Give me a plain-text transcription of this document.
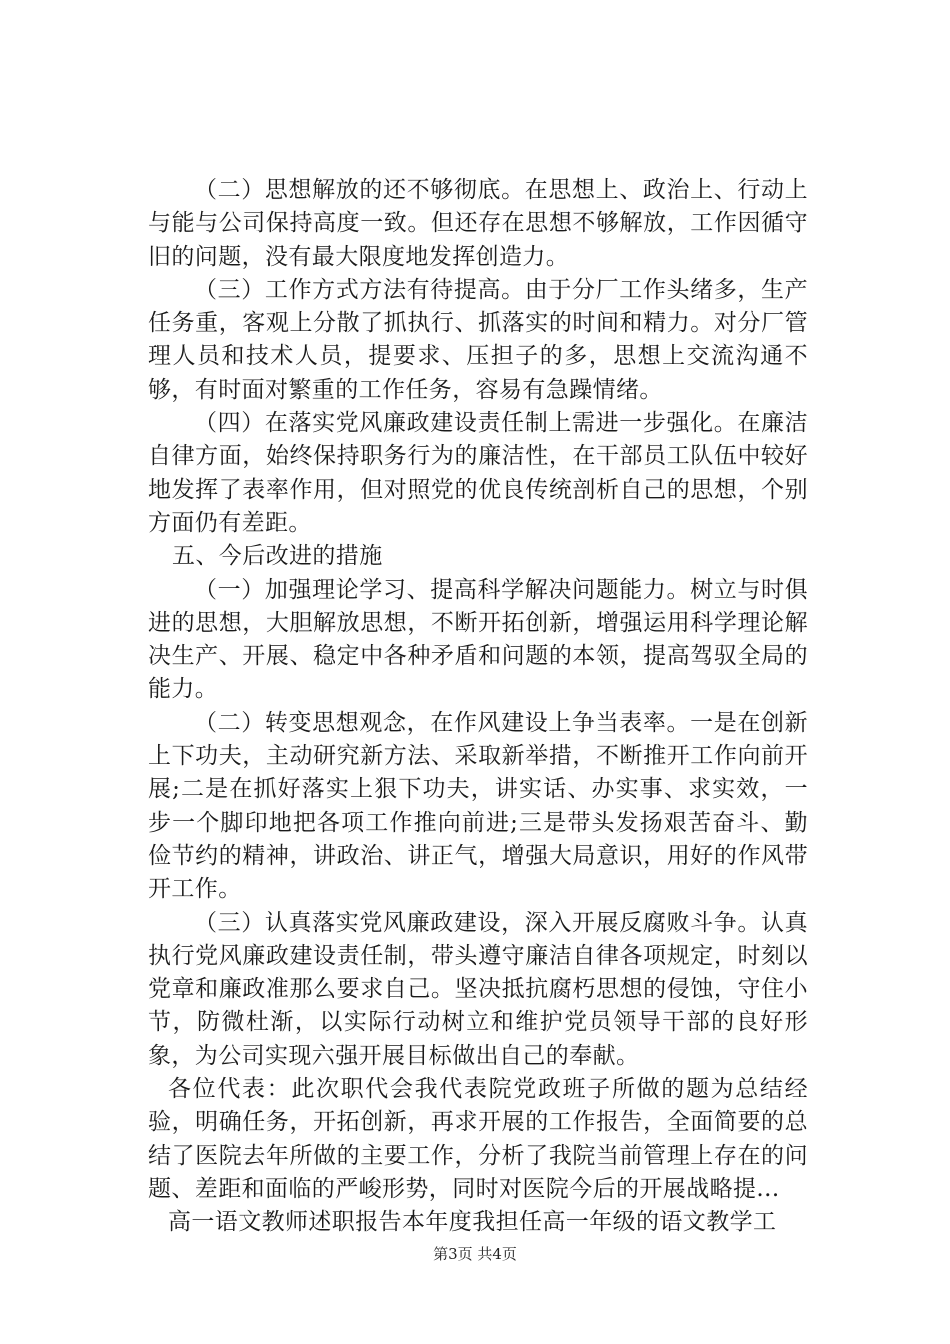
（二）思想解放的还不够彻底。在思想上、政治上、行动上与能与公司保持高度一致。但还存在思想不够解放，工作因循守旧的问题，没有最大限度地发挥创造力。

（三）工作方式方法有待提高。由于分厂工作头绪多，生产任务重，客观上分散了抓执行、抓落实的时间和精力。对分厂管理人员和技术人员，提要求、压担子的多，思想上交流沟通不够，有时面对繁重的工作任务，容易有急躁情绪。

（四）在落实党风廉政建设责任制上需进一步强化。在廉洁自律方面，始终保持职务行为的廉洁性，在干部员工队伍中较好地发挥了表率作用，但对照党的优良传统剖析自己的思想，个别方面仍有差距。

五、今后改进的措施

（一）加强理论学习、提高科学解决问题能力。树立与时俱进的思想，大胆解放思想，不断开拓创新，增强运用科学理论解决生产、开展、稳定中各种矛盾和问题的本领，提高驾驭全局的能力。

（二）转变思想观念，在作风建设上争当表率。一是在创新上下功夫，主动研究新方法、采取新举措，不断推开工作向前开展;二是在抓好落实上狠下功夫，讲实话、办实事、求实效，一步一个脚印地把各项工作推向前进;三是带头发扬艰苦奋斗、勤俭节约的精神，讲政治、讲正气，增强大局意识，用好的作风带开工作。

（三）认真落实党风廉政建设，深入开展反腐败斗争。认真执行党风廉政建设责任制，带头遵守廉洁自律各项规定，时刻以党章和廉政准那么要求自己。坚决抵抗腐朽思想的侵蚀，守住小节，防微杜渐，以实际行动树立和维护党员领导干部的良好形象，为公司实现六强开展目标做出自己的奉献。

各位代表：此次职代会我代表院党政班子所做的题为总结经验，明确任务，开拓创新，再求开展的工作报告，全面简要的总结了医院去年所做的主要工作，分析了我院当前管理上存在的问题、差距和面临的严峻形势，同时对医院今后的开展战略提...

高一语文教师述职报告本年度我担任高一年级的语文教学工

第3页 共4页
